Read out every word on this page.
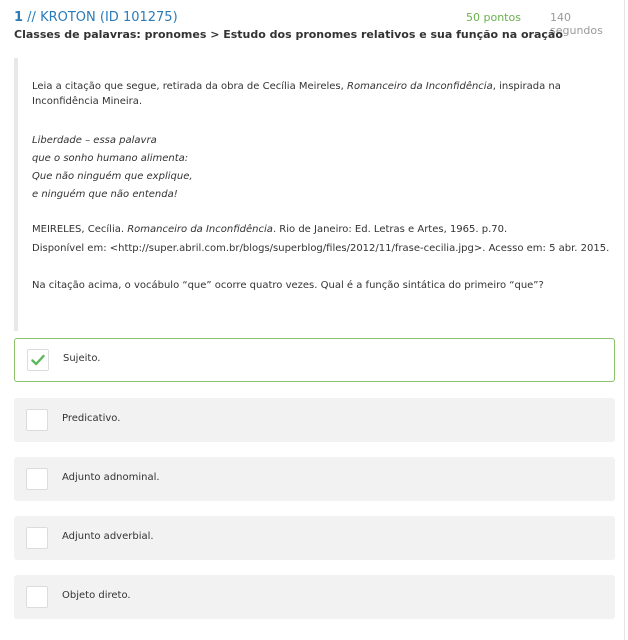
1 // KROTON (ID 101275)	50 pontos	140 segundos
Classes de palavras: pronomes > Estudo dos pronomes relativos e sua função na oração
Leia a citação que segue, retirada da obra de Cecília Meireles, Romanceiro da Inconfidência, inspirada na Inconfidência Mineira.
Liberdade – essa palavra
que o sonho humano alimenta:
Que não ninguém que explique,
e ninguém que não entenda!
MEIRELES, Cecília. Romanceiro da Inconfidência. Rio de Janeiro: Ed. Letras e Artes, 1965. p.70.
Disponível em: <http://super.abril.com.br/blogs/superblog/files/2012/11/frase-cecilia.jpg>. Acesso em: 5 abr. 2015.
Na citação acima, o vocábulo “que” ocorre quatro vezes. Qual é a função sintática do primeiro “que”?
Sujeito.
Predicativo.
Adjunto adnominal.
Adjunto adverbial.
Objeto direto.
